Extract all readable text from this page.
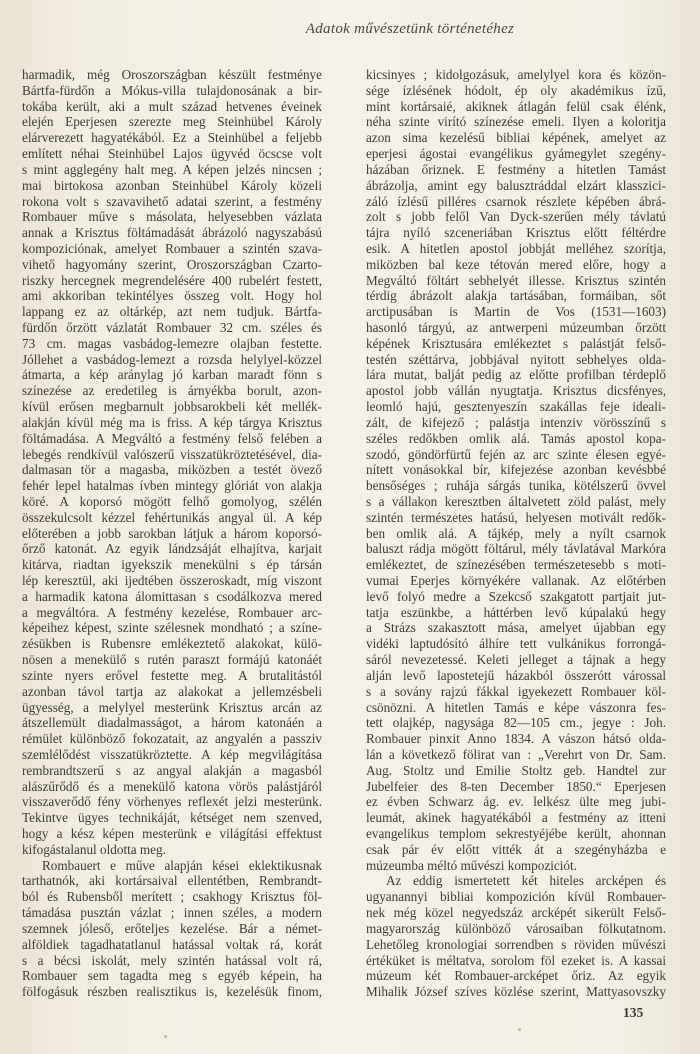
Adatok művészetünk történetéhez
harmadik, még Oroszországban készült festménye
Bártfa-fürdőn a Mókus-villa tulajdonosának a bir-
tokába került, aki a mult század hetvenes éveinek
elején Eperjesen szerezte meg Steinhübel Károly
elárverezett hagyatékából. Ez a Steinhübel a feljebb
említett néhai Steinhübel Lajos ügyvéd öcscse volt
s mint agglegény halt meg. A képen jelzés nincsen ;
mai birtokosa azonban Steinhübel Károly közeli
rokona volt s szavavihető adatai szerint, a festmény
Rombauer műve s másolata, helyesebben vázlata
annak a Krisztus föltámadását ábrázoló nagyszabású
kompoziciónak, amelyet Rombauer a szintén szava-
vihető hagyomány szerint, Oroszországban Czarto-
riszky hercegnek megrendelésére 400 rubelért festett,
ami akkoriban tekintélyes összeg volt. Hogy hol
lappang ez az oltárkép, azt nem tudjuk. Bártfa-
fürdőn őrzött vázlatát Rombauer 32 cm. széles és
73 cm. magas vasbádog-lemezre olajban festette.
Jóllehet a vasbádog-lemezt a rozsda helylyel-közzel
átmarta, a kép aránylag jó karban maradt fönn s
színezése az eredetileg is árnyékba borult, azon-
kívül erősen megbarnult jobbsarokbeli két mellék-
alakján kívül még ma is friss. A kép tárgya Krisztus
föltámadása. A Megváltó a festmény felső felében a
lebegés rendkívül valószerű visszatükröztetésével, dia-
dalmasan tör a magasba, miközben a testét övező
fehér lepel hatalmas ívben mintegy glóriát von alakja
köré. A koporsó mögött felhő gomolyog, szélén
összekulcsolt kézzel fehértunikás angyal ül. A kép
előterében a jobb sarokban látjuk a három koporsó-
őrző katonát. Az egyik lándzsáját elhajítva, karjait
kitárva, riadtan igyekszik menekülni s ép társán
lép keresztül, aki ijedtében összeroskadt, míg viszont
a harmadik katona álomittasan s csodálkozva mered
a megváltóra. A festmény kezelése, Rombauer arc-
képeihez képest, szinte szélesnek mondható ; a színe-
zésükben is Rubensre emlékeztető alakokat, külö-
nösen a menekülő s rutén paraszt formájú katonáét
szinte nyers erővel festette meg. A brutalitástól
azonban távol tartja az alakokat a jellemzésbeli
ügyesség, a melylyel mesterünk Krisztus arcán az
átszellemült diadalmasságot, a három katonáén a
rémület különböző fokozatait, az angyalén a passziv
szemlélődést visszatükröztette. A kép megvilágítása
rembrandtszerű s az angyal alakján a magasból
alászűrődő és a menekülő katona vörös palástjáról
visszaverődő fény vörhenyes reflexét jelzi mesterünk.
Tekintve ügyes technikáját, kétséget nem szenved,
hogy a kész képen mesterünk e világítási effektust
kifogástalanul oldotta meg.
Rombauert e műve alapján kései eklektikusnak
tarthatnók, aki kortársaival ellentétben, Rembrandt-
ból és Rubensből merített ; csakhogy Krisztus föl-
támadása pusztán vázlat ; innen széles, a modern
szemnek jóleső, erőteljes kezelése. Bár a német-
alföldiek tagadhatatlanul hatással voltak rá, korát
s a bécsi iskolát, mely szintén hatással volt rá,
Rombauer sem tagadta meg s egyéb képein, ha
fölfogásuk részben realisztikus is, kezelésük finom,
kicsinyes ; kidolgozásuk, amelylyel kora és közön-
sége ízlésének hódolt, ép oly akadémikus ízű,
mint kortársaié, akiknek átlagán felül csak élénk,
néha szinte virító színezése emeli. Ilyen a koloritja
azon sima kezelésű bibliai képének, amelyet az
eperjesi ágostai evangélikus gyámegylet szegény-
házában őriznek. E festmény a hitetlen Tamást
ábrázolja, amint egy balusztráddal elzárt klasszici-
záló ízlésű pilléres csarnok részlete képében ábrá-
zolt s jobb felől Van Dyck-szerűen mély távlatú
tájra nyíló szceneriában Krisztus előtt féltérdre
esik. A hitetlen apostol jobbját melléhez szorítja,
miközben bal keze tétován mered előre, hogy a
Megváltó föltárt sebhelyét illesse. Krisztus szintén
térdig ábrázolt alakja tartásában, formáiban, sőt
arctipusában is Martin de Vos (1531—1603)
hasonló tárgyú, az antwerpeni múzeumban őrzött
képének Krisztusára emlékeztet s palástját felső-
testén széttárva, jobbjával nyitott sebhelyes olda-
lára mutat, balját pedig az előtte profilban térdeplő
apostol jobb vállán nyugtatja. Krisztus dicsfényes,
leomló hajú, gesztenyeszín szakállas feje ideali-
zált, de kifejező ; palástja intenziv vörösszínű s
széles redőkben omlik alá. Tamás apostol kopa-
szodó, göndörfürtű fején az arc szinte élesen egyé-
nített vonásokkal bír, kifejezése azonban kevésbbé
bensőséges ; ruhája sárgás tunika, kötélszerű övvel
s a vállakon keresztben általvetett zöld palást, mely
szintén természetes hatású, helyesen motivált redők-
ben omlik alá. A tájkép, mely a nyílt csarnok
baluszt rádja mögött föltárul, mély távlatával Markóra
emlékeztet, de színezésében természetesebb s moti-
vumai Eperjes környékére vallanak. Az előtérben
levő folyó medre a Szekcső szakgatott partjait jut-
tatja eszünkbe, a háttérben levő kúpalakú hegy
a Strázs szakasztott mása, amelyet újabban egy
vidéki laptudósító álhíre tett vulkánikus forrongá-
sáról nevezetessé. Keleti jelleget a tájnak a hegy
alján levő lapostetejű házakból összerótt várossal
s a sovány rajzú fákkal igyekezett Rombauer köl-
csönözni. A hitetlen Tamás e képe vászonra fes-
tett olajkép, nagysága 82—105 cm., jegye : Joh.
Rombauer pinxit Anno 1834. A vászon hátsó olda-
lán a következő fölirat van : „Verehrt von Dr. Sam.
Aug. Stoltz und Emilie Stoltz geb. Handtel zur
Jubelfeier des 8-ten December 1850.“ Eperjesen
ez évben Schwarz ág. ev. lelkész ülte meg jubi-
leumát, akinek hagyatékából a festmény az itteni
evangelikus templom sekrestyéjébe került, ahonnan
csak pár év előtt vitték át a szegényházba e
múzeumba méltó művészi kompoziciót.
Az eddig ismertetett két hiteles arcképen és
ugyanannyi bibliai kompozición kívül Rombauer-
nek még közel negyedszáz arcképét sikerült Felső-
magyarország különböző városaiban fölkutatnom.
Lehetőleg kronologiai sorrendben s röviden művészi
értéküket is méltatva, sorolom föl ezeket is. A kassai
múzeum két Rombauer-arcképet őriz. Az egyik
Mihalik József szíves közlése szerint, Mattyasovszky
135
